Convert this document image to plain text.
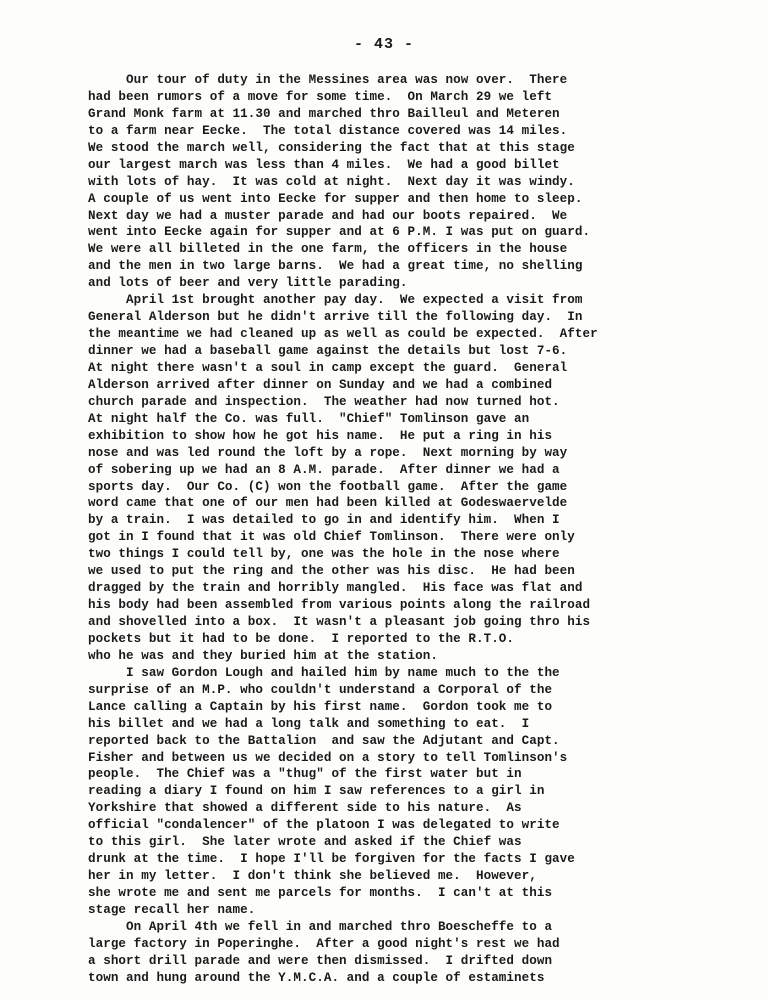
- 43 -
Our tour of duty in the Messines area was now over.  There
had been rumors of a move for some time.  On March 29 we left
Grand Monk farm at 11.30 and marched thro Bailleul and Meteren
to a farm near Eecke.  The total distance covered was 14 miles.
We stood the march well, considering the fact that at this stage
our largest march was less than 4 miles.  We had a good billet
with lots of hay.  It was cold at night.  Next day it was windy.
A couple of us went into Eecke for supper and then home to sleep.
Next day we had a muster parade and had our boots repaired.  We
went into Eecke again for supper and at 6 P.M. I was put on guard.
We were all billeted in the one farm, the officers in the house
and the men in two large barns.  We had a great time, no shelling
and lots of beer and very little parading.
April 1st brought another pay day.  We expected a visit from
General Alderson but he didn't arrive till the following day.  In
the meantime we had cleaned up as well as could be expected.  After
dinner we had a baseball game against the details but lost 7-6.
At night there wasn't a soul in camp except the guard.  General
Alderson arrived after dinner on Sunday and we had a combined
church parade and inspection.  The weather had now turned hot.
At night half the Co. was full.  "Chief" Tomlinson gave an
exhibition to show how he got his name.  He put a ring in his
nose and was led round the loft by a rope.  Next morning by way
of sobering up we had an 8 A.M. parade.  After dinner we had a
sports day.  Our Co. (C) won the football game.  After the game
word came that one of our men had been killed at Godeswaervelde
by a train.  I was detailed to go in and identify him.  When I
got in I found that it was old Chief Tomlinson.  There were only
two things I could tell by, one was the hole in the nose where
we used to put the ring and the other was his disc.  He had been
dragged by the train and horribly mangled.  His face was flat and
his body had been assembled from various points along the railroad
and shovelled into a box.  It wasn't a pleasant job going thro his
pockets but it had to be done.  I reported to the R.T.O.
who he was and they buried him at the station.
I saw Gordon Lough and hailed him by name much to the the
surprise of an M.P. who couldn't understand a Corporal of the
Lance calling a Captain by his first name.  Gordon took me to
his billet and we had a long talk and something to eat.  I
reported back to the Battalion  and saw the Adjutant and Capt.
Fisher and between us we decided on a story to tell Tomlinson's
people.  The Chief was a "thug" of the first water but in
reading a diary I found on him I saw references to a girl in
Yorkshire that showed a different side to his nature.  As
official "condalencer" of the platoon I was delegated to write
to this girl.  She later wrote and asked if the Chief was
drunk at the time.  I hope I'll be forgiven for the facts I gave
her in my letter.  I don't think she believed me.  However,
she wrote me and sent me parcels for months.  I can't at this
stage recall her name.
On April 4th we fell in and marched thro Boescheffe to a
large factory in Poperinghe.  After a good night's rest we had
a short drill parade and were then dismissed.  I drifted down
town and hung around the Y.M.C.A. and a couple of estaminets
